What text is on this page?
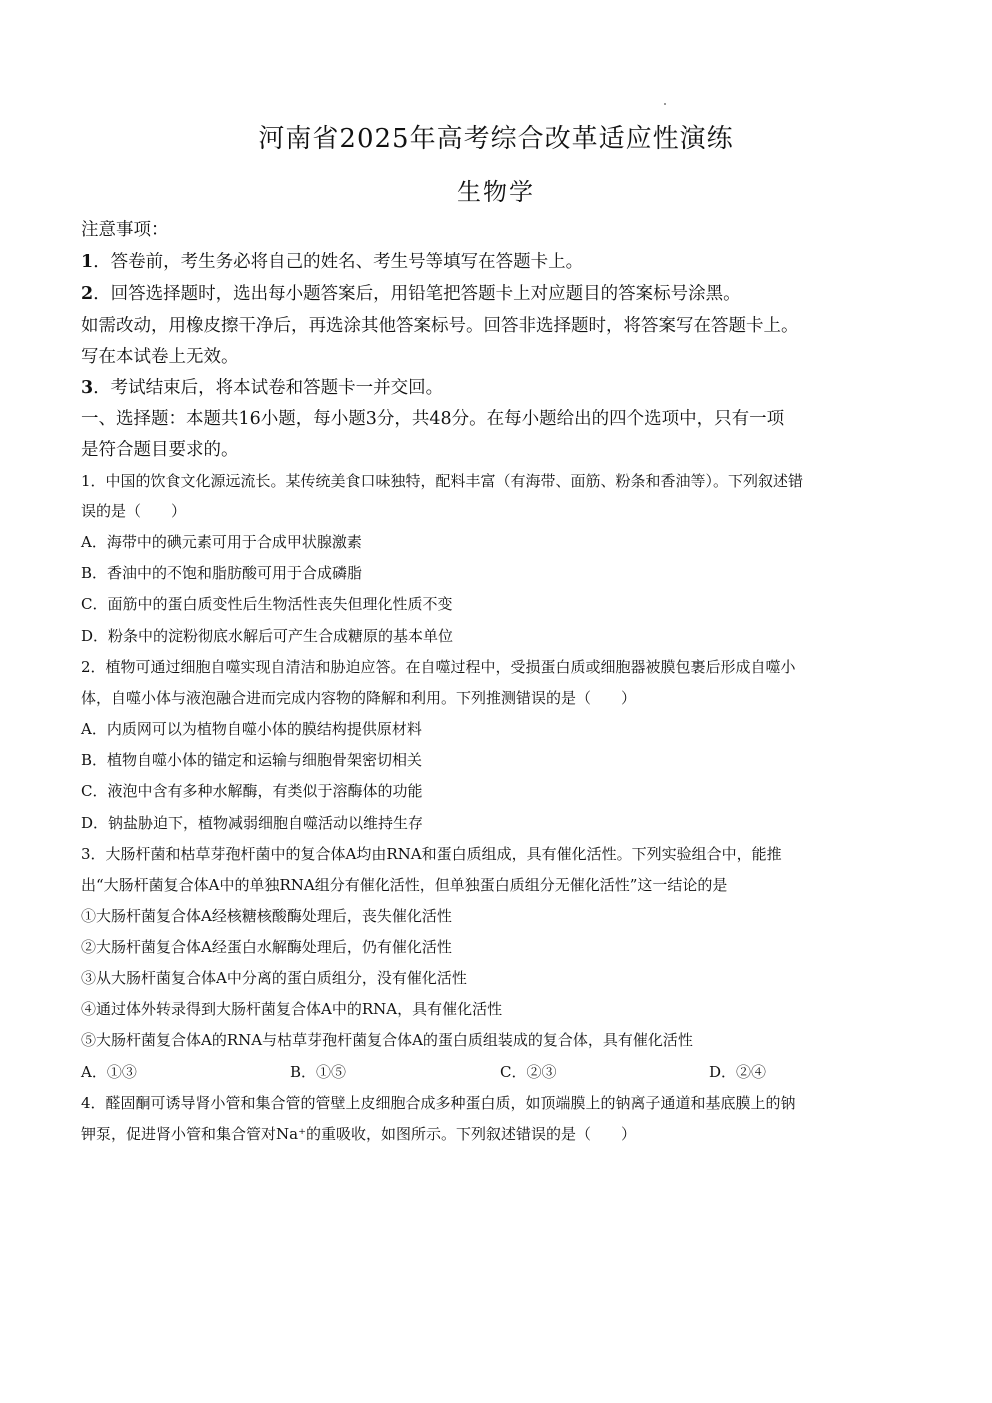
河南省2025年高考综合改革适应性演练
生物学
注意事项：
1．答卷前，考生务必将自己的姓名、考生号等填写在答题卡上。
2．回答选择题时，选出每小题答案后，用铅笔把答题卡上对应题目的答案标号涂黑。
如需改动，用橡皮擦干净后，再选涂其他答案标号。回答非选择题时，将答案写在答题卡上。
写在本试卷上无效。
3．考试结束后，将本试卷和答题卡一并交回。
一、选择题：本题共16小题，每小题3分，共48分。在每小题给出的四个选项中，只有一项
是符合题目要求的。
1．中国的饮食文化源远流长。某传统美食口味独特，配料丰富（有海带、面筋、粉条和香油等）。下列叙述错
误的是（　　）
A．海带中的碘元素可用于合成甲状腺激素
B．香油中的不饱和脂肪酸可用于合成磷脂
C．面筋中的蛋白质变性后生物活性丧失但理化性质不变
D．粉条中的淀粉彻底水解后可产生合成糖原的基本单位
2．植物可通过细胞自噬实现自清洁和胁迫应答。在自噬过程中，受损蛋白质或细胞器被膜包裹后形成自噬小
体，自噬小体与液泡融合进而完成内容物的降解和利用。下列推测错误的是（　　）
A．内质网可以为植物自噬小体的膜结构提供原材料
B．植物自噬小体的锚定和运输与细胞骨架密切相关
C．液泡中含有多种水解酶，有类似于溶酶体的功能
D．钠盐胁迫下，植物减弱细胞自噬活动以维持生存
3．大肠杆菌和枯草芽孢杆菌中的复合体A均由RNA和蛋白质组成，具有催化活性。下列实验组合中，能推
出“大肠杆菌复合体A中的单独RNA组分有催化活性，但单独蛋白质组分无催化活性”这一结论的是
①大肠杆菌复合体A经核糖核酸酶处理后，丧失催化活性
②大肠杆菌复合体A经蛋白水解酶处理后，仍有催化活性
③从大肠杆菌复合体A中分离的蛋白质组分，没有催化活性
④通过体外转录得到大肠杆菌复合体A中的RNA，具有催化活性
⑤大肠杆菌复合体A的RNA与枯草芽孢杆菌复合体A的蛋白质组装成的复合体，具有催化活性
A．①③	B．①⑤	C．②③	D．②④
4．醛固酮可诱导肾小管和集合管的管壁上皮细胞合成多种蛋白质，如顶端膜上的钠离子通道和基底膜上的钠
钾泵，促进肾小管和集合管对Na⁺的重吸收，如图所示。下列叙述错误的是（　　）
